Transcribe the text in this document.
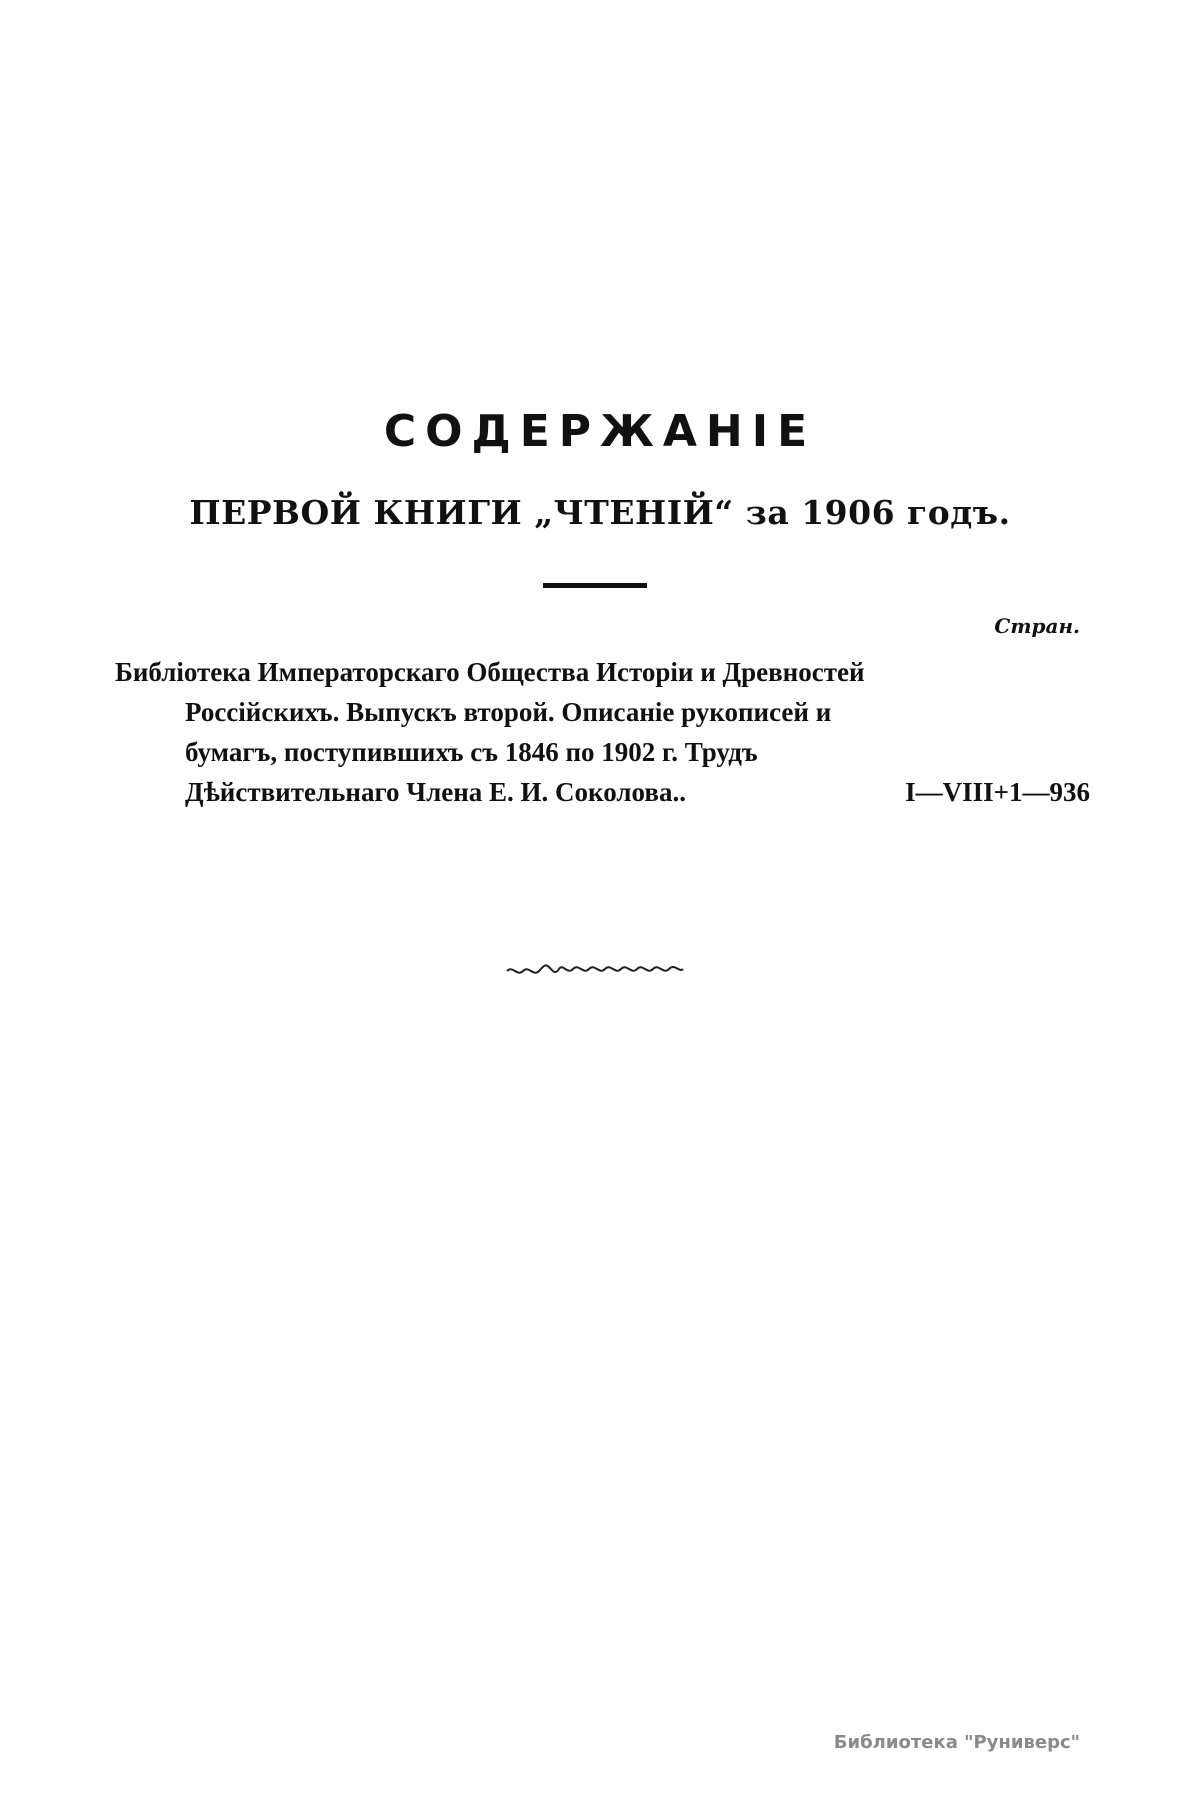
СОДЕРЖАНIЕ
ПЕРВОЙ КНИГИ „ЧТЕНIЙ“ за 1906 годъ.
Стран.
Библiотека Императорскаго Общества Исторiи и Древностей
Россiйскихъ. Выпускъ второй. Описанiе рукописей и
бумагъ, поступившихъ съ 1846 по 1902 г. Трудъ
Дѣйствительнаго Члена Е. И. Соколова..	I—VIII+1—936
Библиотека "Руниверс"
